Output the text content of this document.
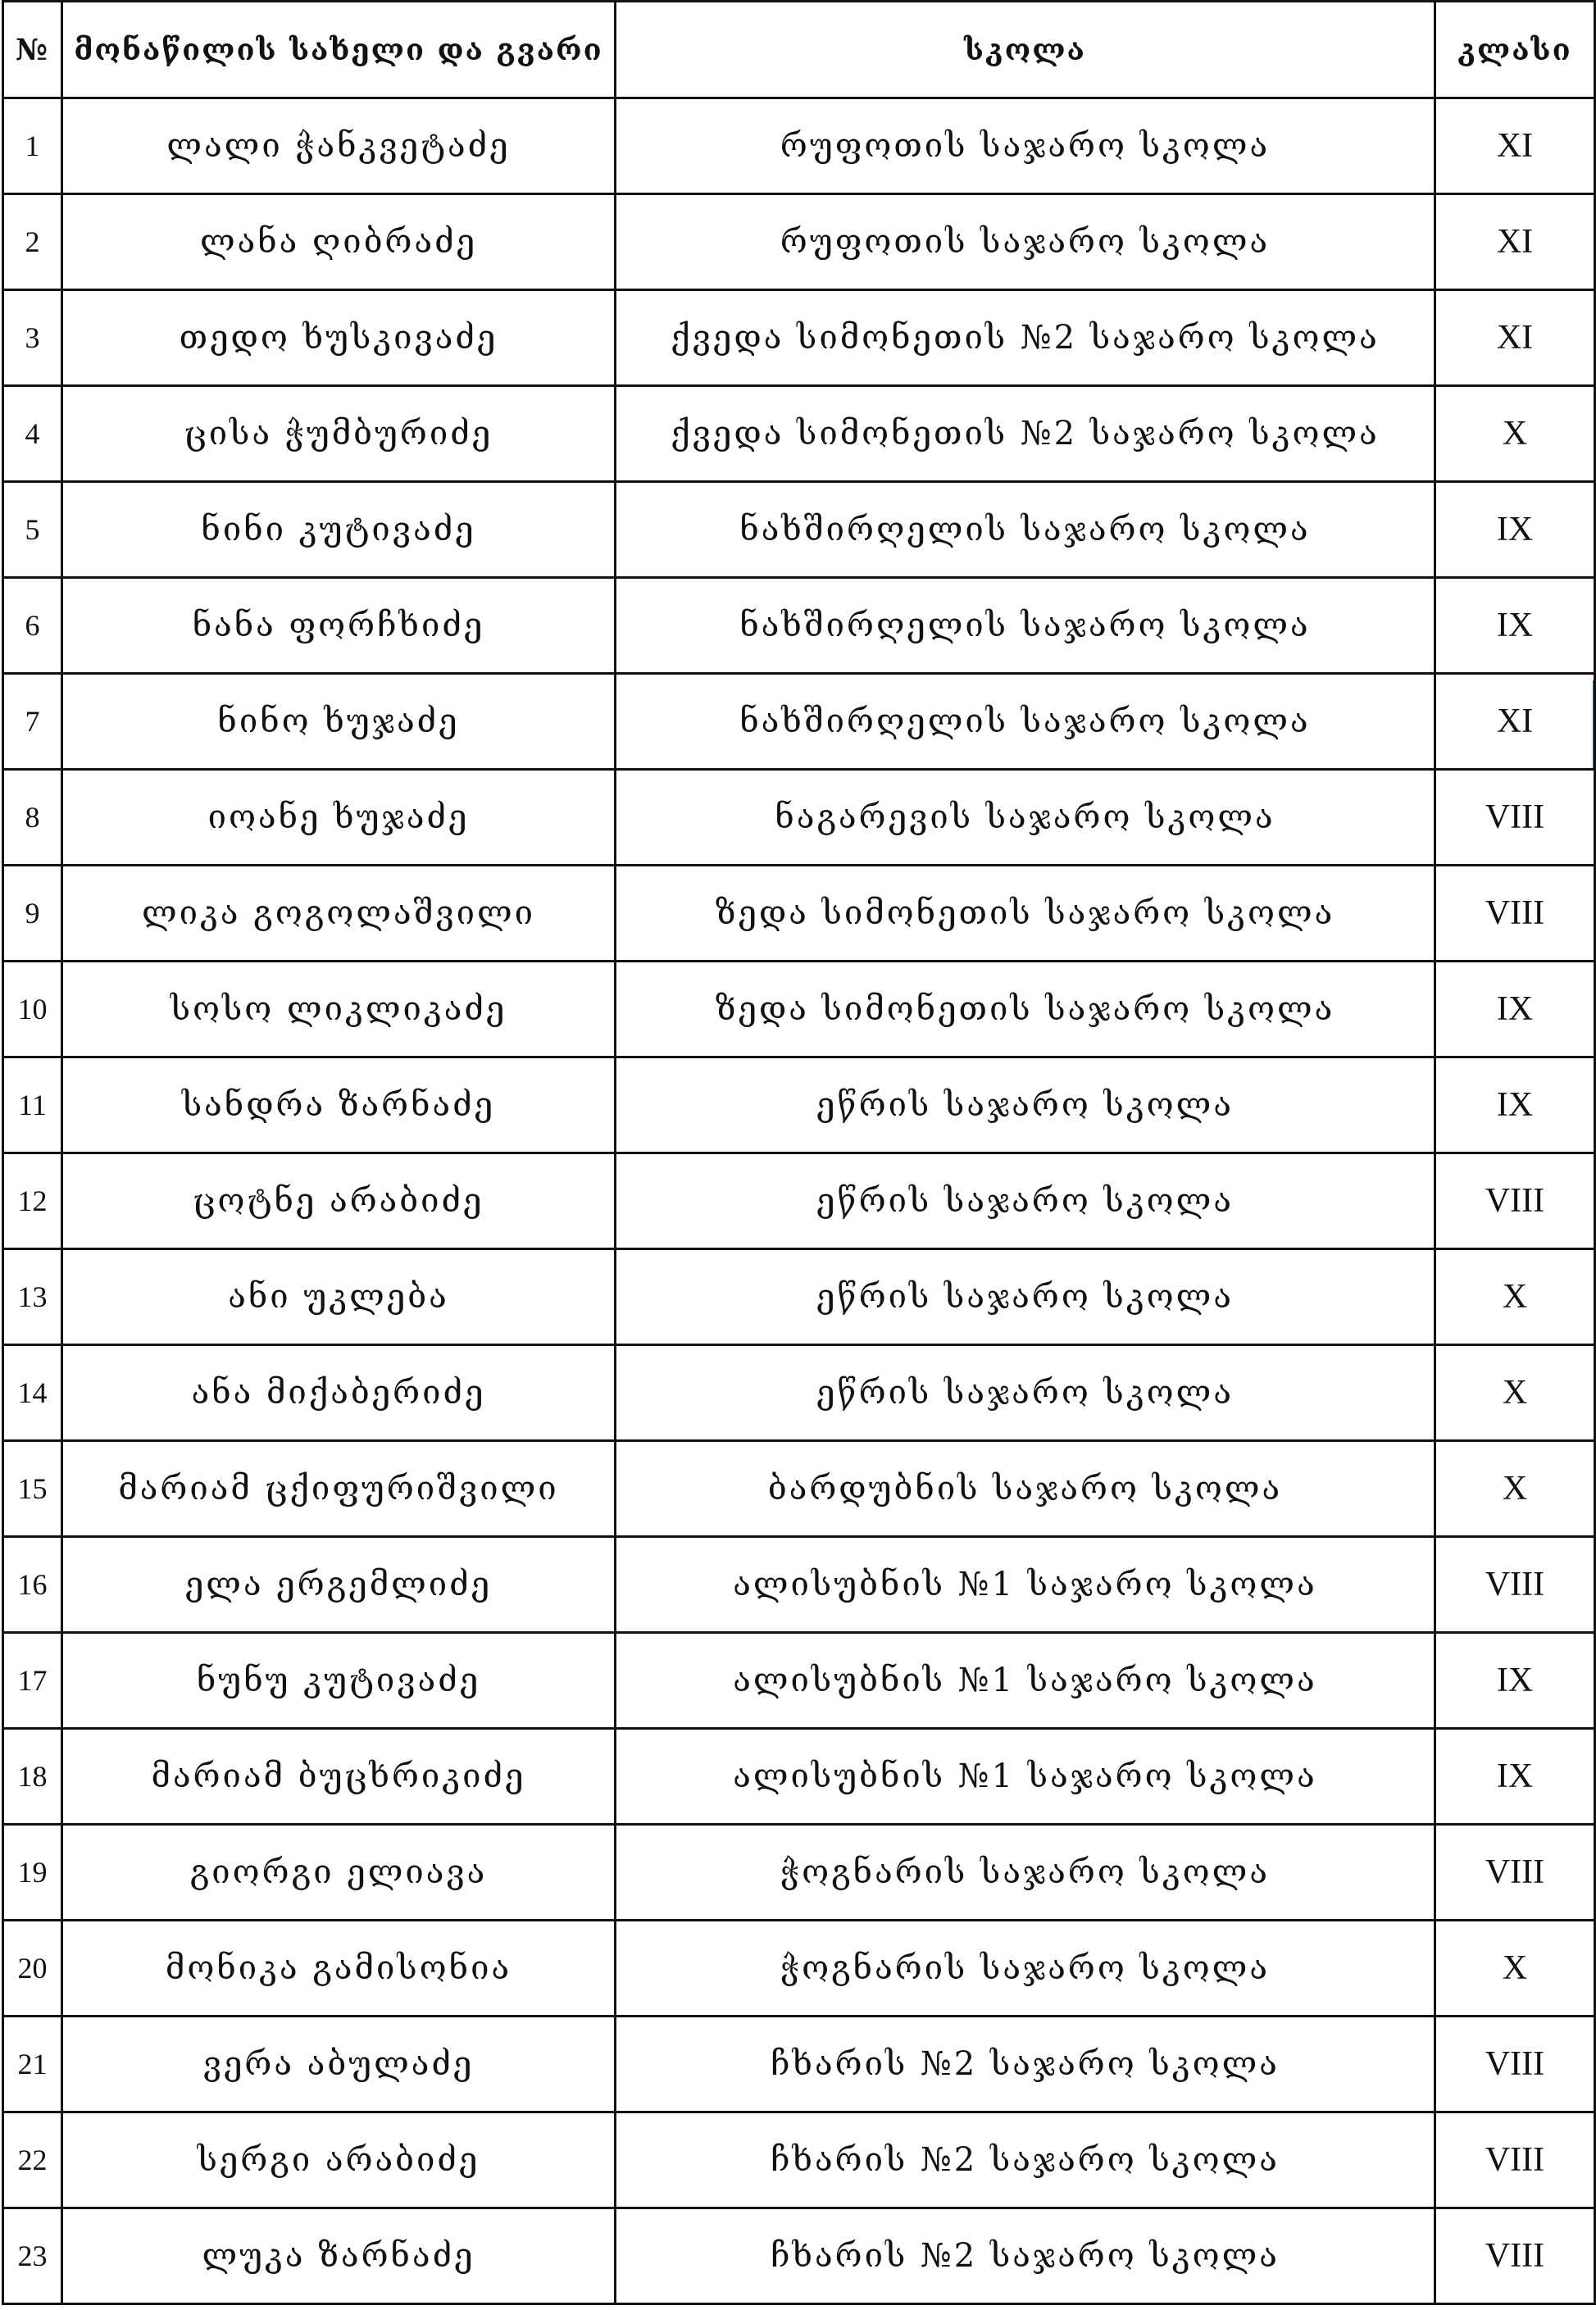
№	მონაწილის სახელი და გვარი	სკოლა	კლასი
1	ლალი ჭანკვეტაძე	რუფოთის საჯარო სკოლა	XI
2	ლანა ღიბრაძე	რუფოთის საჯარო სკოლა	XI
3	თედო ხუსკივაძე	ქვედა სიმონეთის №2 საჯარო სკოლა	XI
4	ცისა ჭუმბურიძე	ქვედა სიმონეთის №2 საჯარო სკოლა	X
5	ნინი კუტივაძე	ნახშირღელის საჯარო სკოლა	IX
6	ნანა ფორჩხიძე	ნახშირღელის საჯარო სკოლა	IX
7	ნინო ხუჯაძე	ნახშირღელის საჯარო სკოლა	XI
8	იოანე ხუჯაძე	ნაგარევის საჯარო სკოლა	VIII
9	ლიკა გოგოლაშვილი	ზედა სიმონეთის საჯარო სკოლა	VIII
10	სოსო ლიკლიკაძე	ზედა სიმონეთის საჯარო სკოლა	IX
11	სანდრა ზარნაძე	ეწრის საჯარო სკოლა	IX
12	ცოტნე არაბიძე	ეწრის საჯარო სკოლა	VIII
13	ანი უკლება	ეწრის საჯარო სკოლა	X
14	ანა მიქაბერიძე	ეწრის საჯარო სკოლა	X
15	მარიამ ცქიფურიშვილი	ბარდუბნის საჯარო სკოლა	X
16	ელა ერგემლიძე	ალისუბნის №1 საჯარო სკოლა	VIII
17	ნუნუ კუტივაძე	ალისუბნის №1 საჯარო სკოლა	IX
18	მარიამ ბუცხრიკიძე	ალისუბნის №1 საჯარო სკოლა	IX
19	გიორგი ელიავა	ჭოგნარის საჯარო სკოლა	VIII
20	მონიკა გამისონია	ჭოგნარის საჯარო სკოლა	X
21	ვერა აბულაძე	ჩხარის №2 საჯარო სკოლა	VIII
22	სერგი არაბიძე	ჩხარის №2 საჯარო სკოლა	VIII
23	ლუკა ზარნაძე	ჩხარის №2 საჯარო სკოლა	VIII
